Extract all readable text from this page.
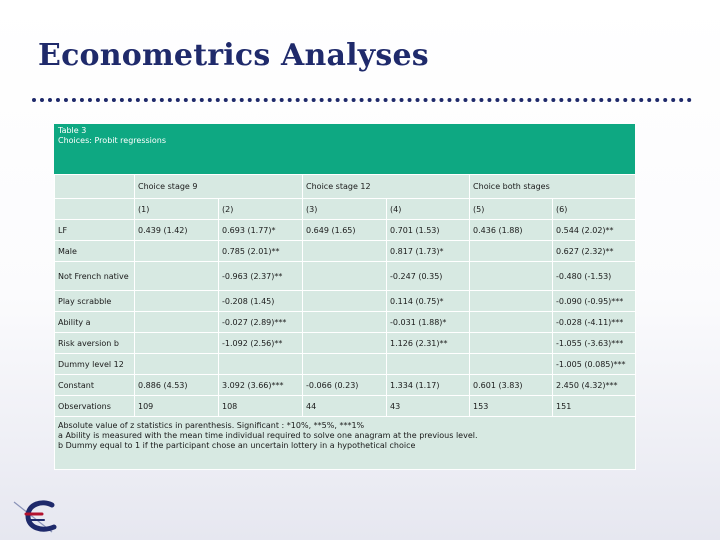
Econometrics Analyses
Table 3
Choices: Probit regressions
	Choice stage 9		Choice stage 12		Choice both stages	
	(1)	(2)	(3)	(4)	(5)	(6)
LF	0.439 (1.42)	0.693 (1.77)*	0.649 (1.65)	0.701 (1.53)	0.436 (1.88)	0.544 (2.02)**
Male		0.785 (2.01)**		0.817 (1.73)*		0.627 (2.32)**
Not French native		-0.963 (2.37)**		-0.247 (0.35)		-0.480 (-1.53)
Play scrabble		-0.208 (1.45)		0.114 (0.75)*		-0.090 (-0.95)***
Ability a		-0.027 (2.89)***		-0.031 (1.88)*		-0.028 (-4.11)***
Risk aversion b		-1.092 (2.56)**		1.126 (2.31)**		-1.055 (-3.63)***
Dummy level 12						-1.005 (0.085)***
Constant	0.886 (4.53)	3.092 (3.66)***	-0.066 (0.23)	1.334 (1.17)	0.601 (3.83)	2.450 (4.32)***
Observations	109	108	44	43	153	151

Absolute value of z statistics in parenthesis. Significant : *10%, **5%, ***1%
a Ability is measured with the mean time individual required to solve one anagram at the previous level.
b Dummy equal to 1 if the participant chose an uncertain lottery in a hypothetical choice						
